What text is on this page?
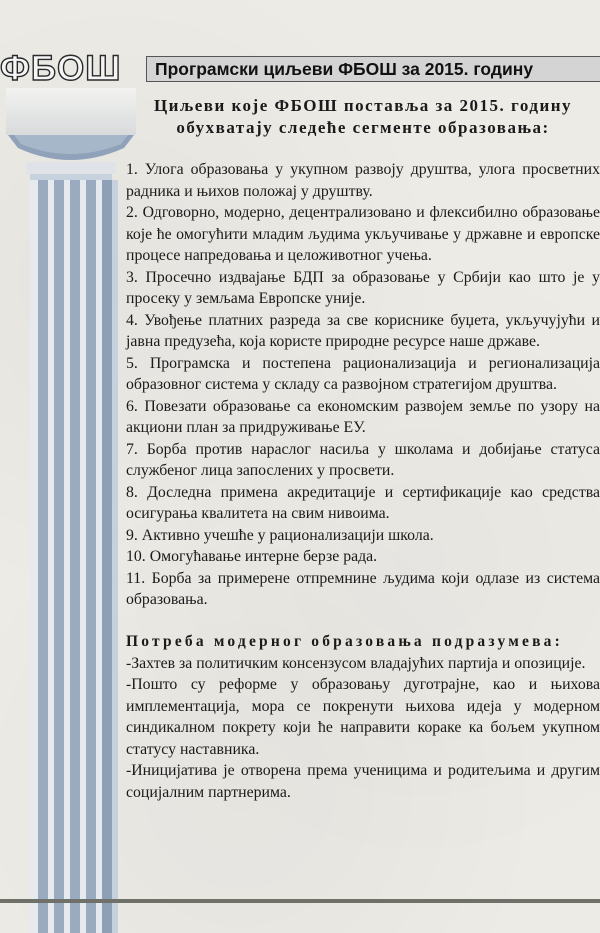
ФБОШ	Програмски циљеви ФБОШ за 2015. годину
Циљеви које ФБОШ поставља за 2015. годину
обухватају следеће сегменте образовања:

1. Улога образовања у укупном развоју друштва, улога просветних радника и њихов положај у друштву.

2. Одговорно, модерно, децентрализовано и флексибилно образовање које ће омогућити младим људима укључивање у државне и европске процесе напредовања и целоживотног учења.

3. Просечно издвајање БДП за образовање у Србији као што је у просеку у земљама Европске уније.

4. Увођење платних разреда за све кориснике буџета, укључујући и јавна предузећа, која користе природне ресурсе наше државе.

5. Програмска и постепена рационализација и регионализација образовног система у складу са развојном стратегијом друштва.

6. Повезати образовање са економским развојем земље по узору на акциони план за придруживање ЕУ.

7. Борба против нараслог насиља у школама и добијање статуса службеног лица запослених у просвети.

8. Доследна примена акредитације и сертификације као средства осигурања квалитета на свим нивоима.

9. Активно учешће у рационализацији школа.

10. Омогућавање интерне берзе рада.

11. Борба за примерене отпремнине људима који одлазе из система образовања.

Потреба модерног образовања подразумева:

-Захтев за политичким консензусом владајућих партија и опозиције.

-Пошто су реформе у образовању дуготрајне, као и њихова имплементација, мора се покренути њихова идеја у модерном синдикалном покрету који ће направити кораке ка бољем укупном статусу наставника.

-Иницијатива је отворена према ученицима и родитељима и другим социјалним партнерима.
